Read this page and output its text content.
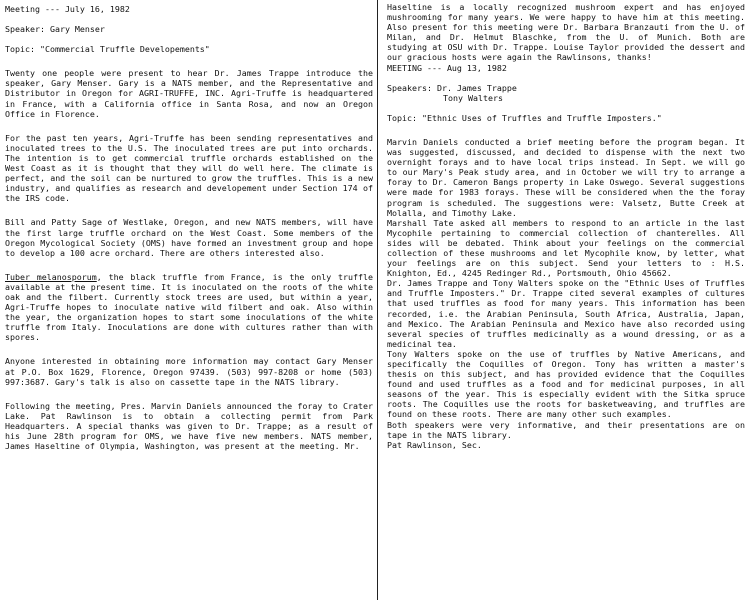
Meeting --- July 16, 1982

Speaker: Gary Menser

Topic: "Commercial Truffle Developements"

Twenty one people were present to hear Dr. James Trappe introduce the speaker, Gary Menser. Gary is a NATS member, and the Representative and Distributor in Oregon for AGRI-TRUFFE, INC. Agri-Truffe is headquartered in France, with a California office in Santa Rosa, and now an Oregon Office in Florence.

For the past ten years, Agri-Truffe has been sending representatives and inoculated trees to the U.S. The inoculated trees are put into orchards. The intention is to get commercial truffle orchards established on the West Coast as it is thought that they will do well here. The climate is perfect, and the soil can be nurtured to grow the truffles. This is a new industry, and qualifies as research and developement under Section 174 of the IRS code.

Bill and Patty Sage of Westlake, Oregon, and new NATS members, will have the first large truffle orchard on the West Coast. Some members of the Oregon Mycological Society (OMS) have formed an investment group and hope to develop a 100 acre orchard. There are others interested also.

Tuber melanosporum, the black truffle from France, is the only truffle available at the present time. It is inoculated on the roots of the white oak and the filbert. Currently stock trees are used, but within a year, Agri-Truffe hopes to inoculate native wild filbert and oak. Also within the year, the organization hopes to start some inoculations of the white truffle from Italy. Inoculations are done with cultures rather than with spores.

Anyone interested in obtaining more information may contact Gary Menser at P.O. Box 1629, Florence, Oregon 97439. (503) 997-8208 or home (503) 997:3687. Gary's talk is also on cassette tape in the NATS library.

Following the meeting, Pres. Marvin Daniels announced the foray to Crater Lake. Pat Rawlinson is to obtain a collecting permit from Park Headquarters. A special thanks was given to Dr. Trappe; as a result of his June 28th program for OMS, we have five new members. NATS member, James Haseltine of Olympia, Washington, was present at the meeting. Mr.

Haseltine is a locally recognized mushroom expert and has enjoyed mushrooming for many years. We were happy to have him at this meeting. Also present for this meeting were Dr. Barbara Branzauti from the U. of Milan, and Dr. Helmut Blaschke, from the U. of Munich. Both are studying at OSU with Dr. Trappe. Louise Taylor provided the dessert and our gracious hosts were again the Rawlinsons, thanks!

MEETING --- Aug 13, 1982

Speakers: Dr. James Trappe

Tony Walters

Topic: "Ethnic Uses of Truffles and Truffle Imposters."

Marvin Daniels conducted a brief meeting before the program began. It was suggested, discussed, and decided to dispense with the next two overnight forays and to have local trips instead. In Sept. we will go to our Mary's Peak study area, and in October we will try to arrange a foray to Dr. Cameron Bangs property in Lake Oswego. Several suggestions were made for 1983 forays. These will be considered when the the foray program is scheduled. The suggestions were: Valsetz, Butte Creek at Molalla, and Timothy Lake.

Marshall Tate asked all members to respond to an article in the last Mycophile pertaining to commercial collection of chanterelles. All sides will be debated. Think about your feelings on the commercial collection of these mushrooms and let Mycophile know, by letter, what your feelings are on this subject. Send your letters to : H.S. Knighton, Ed., 4245 Redinger Rd., Portsmouth, Ohio 45662.

Dr. James Trappe and Tony Walters spoke on the "Ethnic Uses of Truffles and Truffle Imposters." Dr. Trappe cited several examples of cultures that used truffles as food for many years. This information has been recorded, i.e. the Arabian Peninsula, South Africa, Australia, Japan, and Mexico. The Arabian Peninsula and Mexico have also recorded using several species of truffles medicinally as a wound dressing, or as a medicinal tea.

Tony Walters spoke on the use of truffles by Native Americans, and specifically the Coquilles of Oregon. Tony has written a master's thesis on this subject, and has provided evidence that the Coquilles found and used truffles as a food and for medicinal purposes, in all seasons of the year. This is especially evident with the Sitka spruce roots. The Coquilles use the roots for basketweaving, and truffles are found on these roots. There are many other such examples.

Both speakers were very informative, and their presentations are on tape in the NATS library.

Pat Rawlinson, Sec.
